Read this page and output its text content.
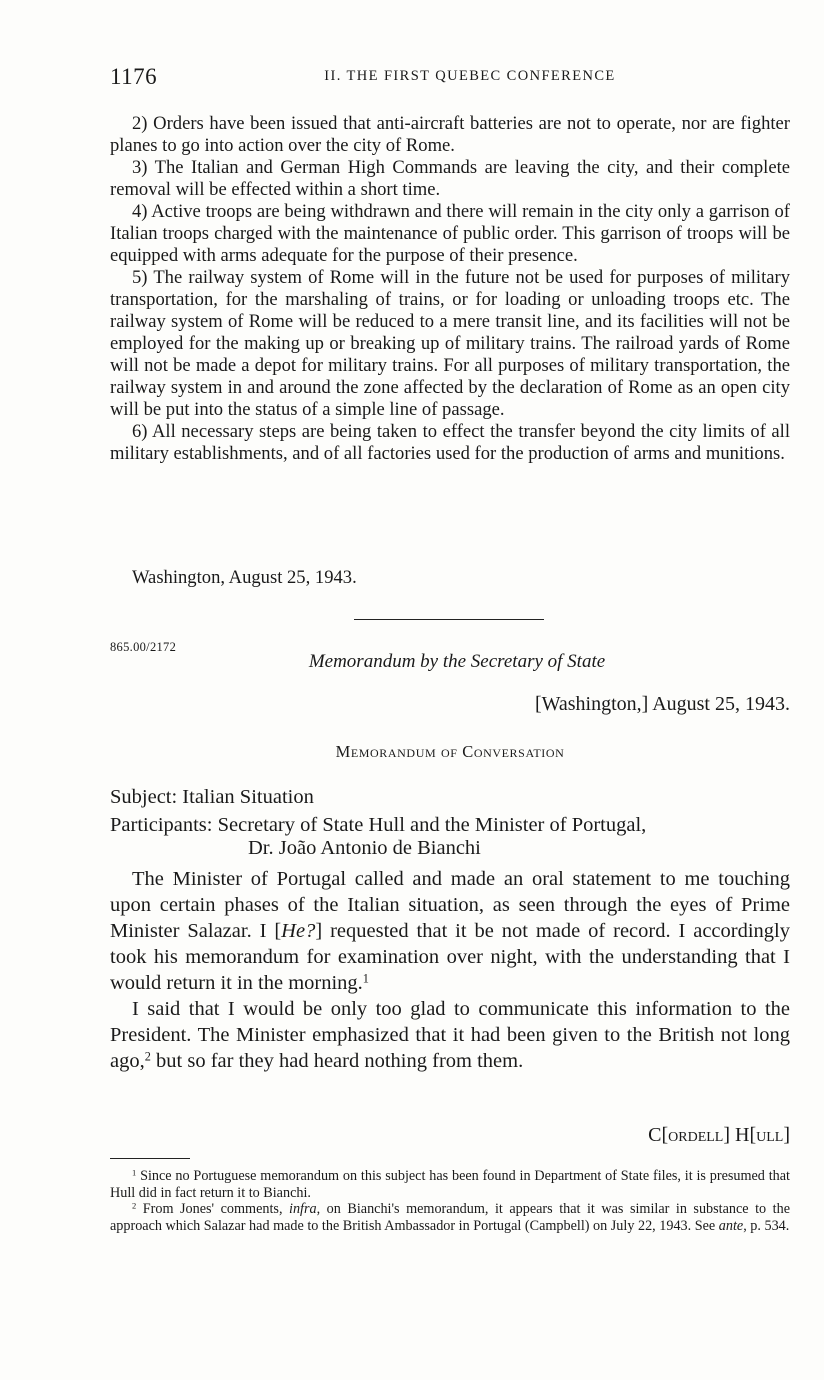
1176	II. THE FIRST QUEBEC CONFERENCE

2) Orders have been issued that anti-aircraft batteries are not to operate, nor are fighter planes to go into action over the city of Rome.

3) The Italian and German High Commands are leaving the city, and their complete removal will be effected within a short time.

4) Active troops are being withdrawn and there will remain in the city only a garrison of Italian troops charged with the maintenance of public order. This garrison of troops will be equipped with arms adequate for the purpose of their presence.

5) The railway system of Rome will in the future not be used for purposes of military transportation, for the marshaling of trains, or for loading or unloading troops etc. The railway system of Rome will be reduced to a mere transit line, and its facilities will not be employed for the making up or breaking up of military trains. The railroad yards of Rome will not be made a depot for military trains. For all purposes of military transportation, the railway system in and around the zone affected by the declaration of Rome as an open city will be put into the status of a simple line of passage.

6) All necessary steps are being taken to effect the transfer beyond the city limits of all military establishments, and of all factories used for the production of arms and munitions.

Washington, August 25, 1943.
865.00/2172
Memorandum by the Secretary of State
[Washington,] August 25, 1943.
Memorandum of Conversation
Subject: Italian Situation
Participants: Secretary of State Hull and the Minister of Portugal,
Dr. João Antonio de Bianchi

The Minister of Portugal called and made an oral statement to me touching upon certain phases of the Italian situation, as seen through the eyes of Prime Minister Salazar. I [He?] requested that it be not made of record. I accordingly took his memorandum for examination over night, with the understanding that I would return it in the morning.$^1$

I said that I would be only too glad to communicate this information to the President. The Minister emphasized that it had been given to the British not long ago,$^2$ but so far they had heard nothing from them.

C[ordell] H[ull]

$^1$ Since no Portuguese memorandum on this subject has been found in Department of State files, it is presumed that Hull did in fact return it to Bianchi.

$^2$ From Jones' comments, infra, on Bianchi's memorandum, it appears that it was similar in substance to the approach which Salazar had made to the British Ambassador in Portugal (Campbell) on July 22, 1943. See ante, p. 534.
